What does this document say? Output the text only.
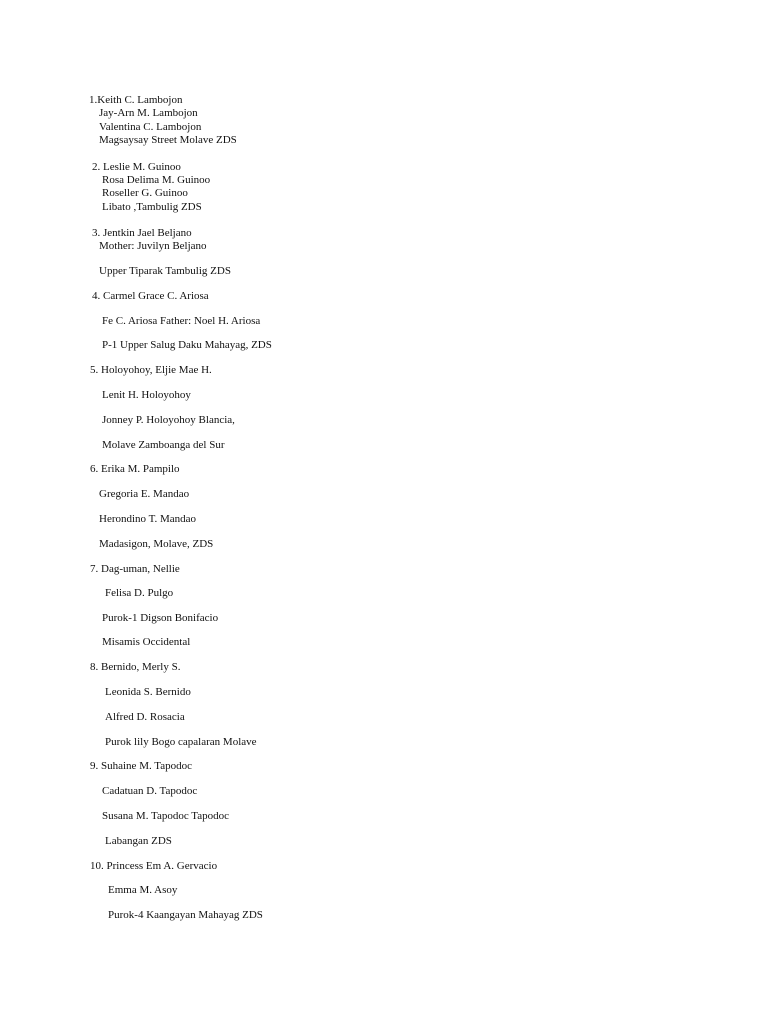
1.Keith C. Lambojon
Jay-Arn M. Lambojon
Valentina C. Lambojon
Magsaysay Street Molave ZDS
2. Leslie M. Guinoo
Rosa Delima M. Guinoo
Roseller G. Guinoo
Libato ,Tambulig ZDS
3. Jentkin Jael Beljano
Mother: Juvilyn Beljano
Upper Tiparak Tambulig ZDS
4. Carmel Grace C. Ariosa
Fe C. Ariosa Father: Noel H. Ariosa
P-1 Upper Salug Daku Mahayag, ZDS
5. Holoyohoy, Eljie Mae H.
Lenit H. Holoyohoy
Jonney P. Holoyohoy Blancia,
Molave Zamboanga del Sur
6. Erika M. Pampilo
Gregoria E. Mandao
Herondino T. Mandao
Madasigon, Molave, ZDS
7. Dag-uman, Nellie
Felisa D. Pulgo
Purok-1 Digson Bonifacio
Misamis Occidental
8. Bernido, Merly S.
Leonida S. Bernido
Alfred D. Rosacia
Purok lily Bogo capalaran Molave
9. Suhaine M. Tapodoc
Cadatuan D. Tapodoc
Susana M. Tapodoc Tapodoc
Labangan ZDS
10. Princess Em A. Gervacio
Emma M. Asoy
Purok-4 Kaangayan Mahayag ZDS
